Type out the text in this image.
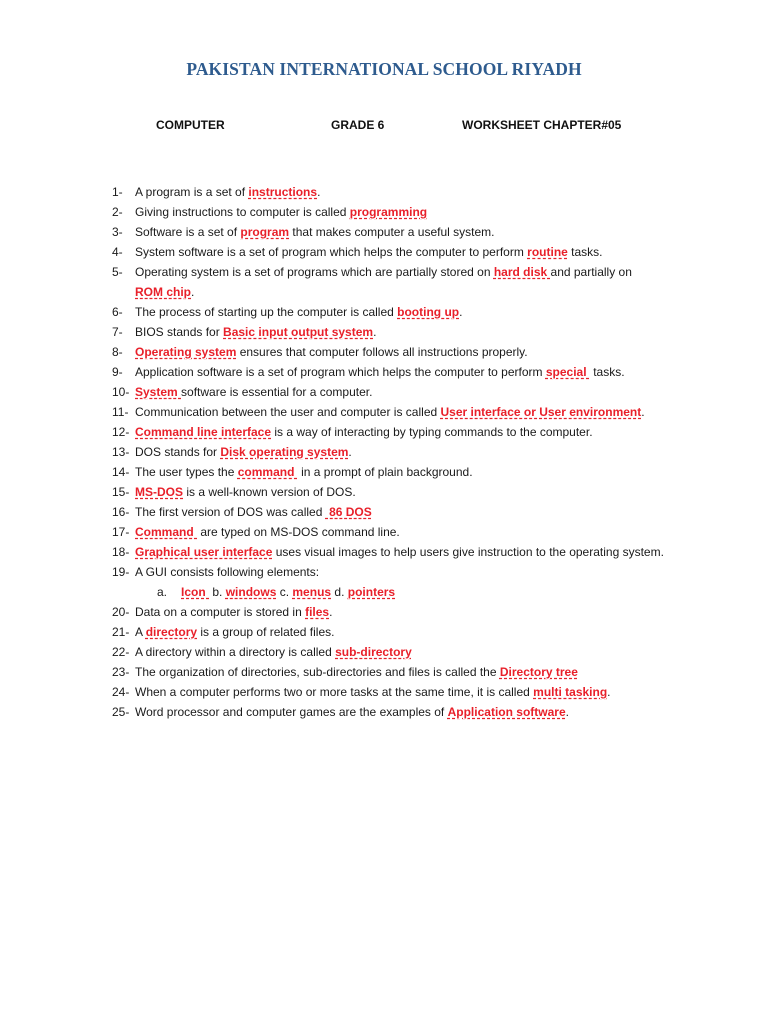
PAKISTAN INTERNATIONAL SCHOOL RIYADH
COMPUTER	GRADE 6	WORKSHEET CHAPTER#05
1- A program is a set of instructions.
2- Giving instructions to computer is called programming
3- Software is a set of program that makes computer a useful system.
4- System software is a set of program which helps the computer to perform routine tasks.
5- Operating system is a set of programs which are partially stored on hard disk and partially on ROM chip.
6- The process of starting up the computer is called booting up.
7- BIOS stands for Basic input output system.
8- Operating system ensures that computer follows all instructions properly.
9- Application software is a set of program which helps the computer to perform special  tasks.
10- System software is essential for a computer.
11- Communication between the user and computer is called User interface or User environment.
12- Command line interface is a way of interacting by typing commands to the computer.
13- DOS stands for Disk operating system.
14- The user types the command  in a prompt of plain background.
15- MS-DOS is a well-known version of DOS.
16- The first version of DOS was called  86 DOS
17- Command  are typed on MS-DOS command line.
18- Graphical user interface uses visual images to help users give instruction to the operating system.
19- A GUI consists following elements:
a. Icon  b. windows c. menus d. pointers
20- Data on a computer is stored in files.
21- A directory is a group of related files.
22- A directory within a directory is called sub-directory
23- The organization of directories, sub-directories and files is called the Directory tree
24- When a computer performs two or more tasks at the same time, it is called multi tasking.
25- Word processor and computer games are the examples of Application software.
